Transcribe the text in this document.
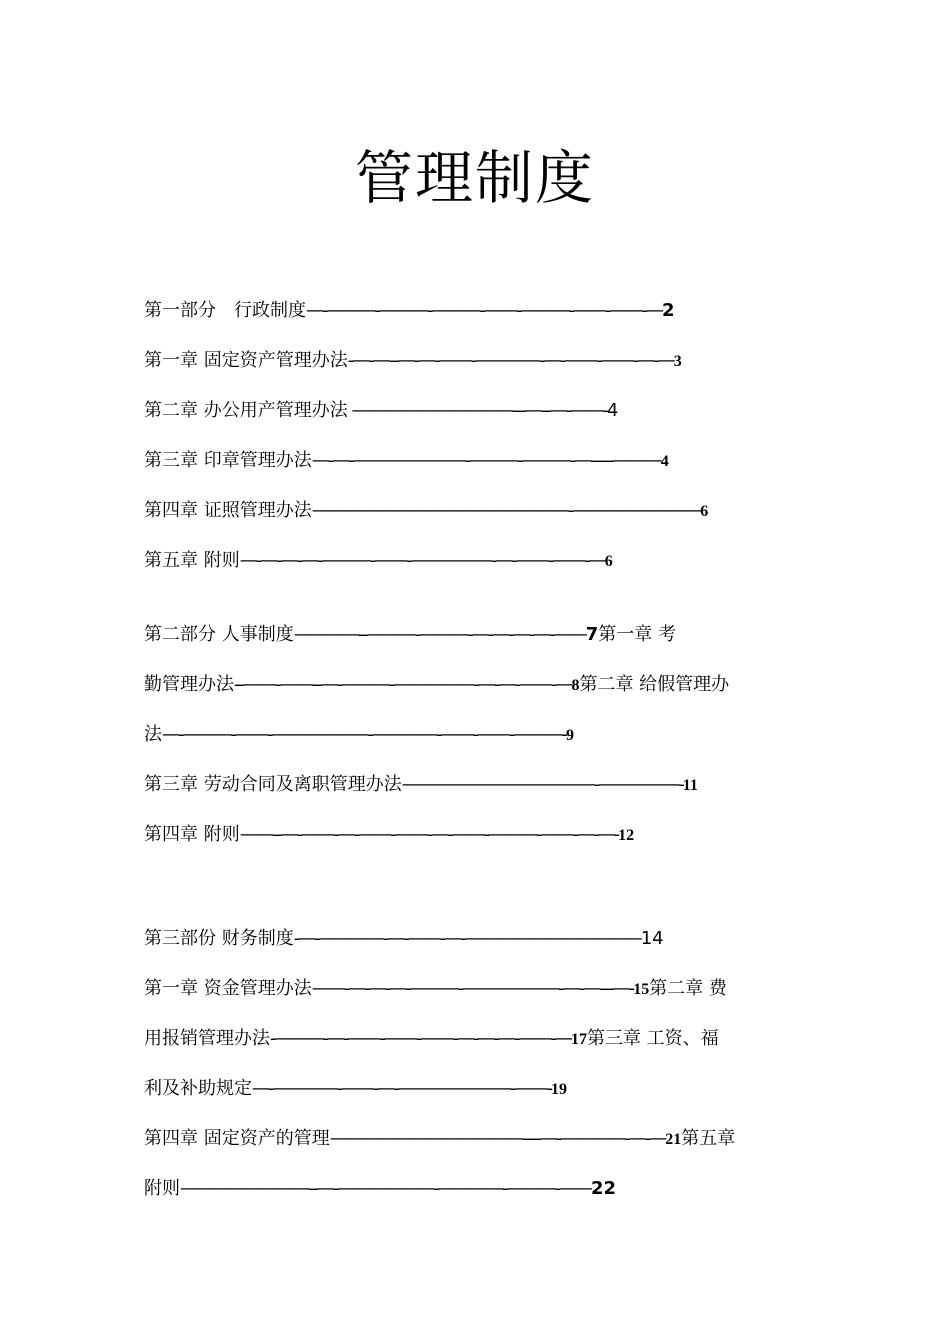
管理制度
第一部分　行政制度—-———-———-———-——-———-——-——-—2
第一章 固定资产管理办法-—-—--—-—-——-————-—-——-——-—-—3
第二章 办公用产管理办法 ——————————---—--—-——-4
第三章 印章管理办法—-—-———————-———-———-—-----———4
第四章 证照管理办法————————————————-————————6
第五章 附则—-—-—-—-———-——-—————-—-——-——-—6
第二部分 人事制度————--———-———-—-—-—-—-——7第一章 考
勤管理办法--——-——--—-———-—————-—-—-——-—8第二章 给假管理办
法—-———-——-——————-————-——-——-———-9
第三章 劳动合同及离职管理办法————————————-—————-11
第四章 附则——--—-——-—-——-——-—-——-———-——-—-—-12
第三部份 财务制度-—-————-—-——-—-———————————14
第一章 资金管理办法——-—-—-—-———-——————-—-—---—-15第二章 费
用报销管理办法-———-—-——-——-——-—-—-—-——-—17第三章 工资、福
利及补助规定—-————-——-—-———————-——-19
第四章 固定资产的管理————————————----—-————-—-—21第五章
附则————————--—-——————-————-———-——22
